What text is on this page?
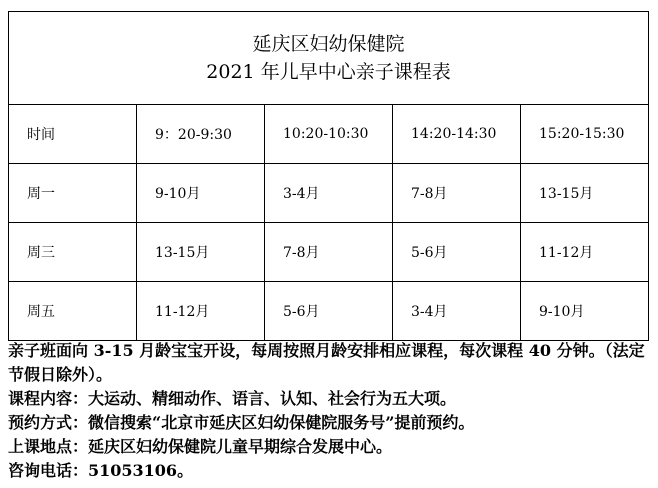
延庆区妇幼保健院
2021 年儿早中心亲子课程表				

时间	9：20-9:30	10:20-10:30	14:20-14:30	15:20-15:30

周一	9-10月	3-4月	7-8月	13-15月

周三	13-15月	7-8月	5-6月	11-12月

周五	11-12月	5-6月	3-4月	9-10月

亲子班面向 3-15 月龄宝宝开设，每周按照月龄安排相应课程，每次课程 40 分钟。（法定节假日除外）。

课程内容：大运动、精细动作、语言、认知、社会行为五大项。

预约方式：微信搜索“北京市延庆区妇幼保健院服务号”提前预约。

上课地点：延庆区妇幼保健院儿童早期综合发展中心。

咨询电话：51053106。
